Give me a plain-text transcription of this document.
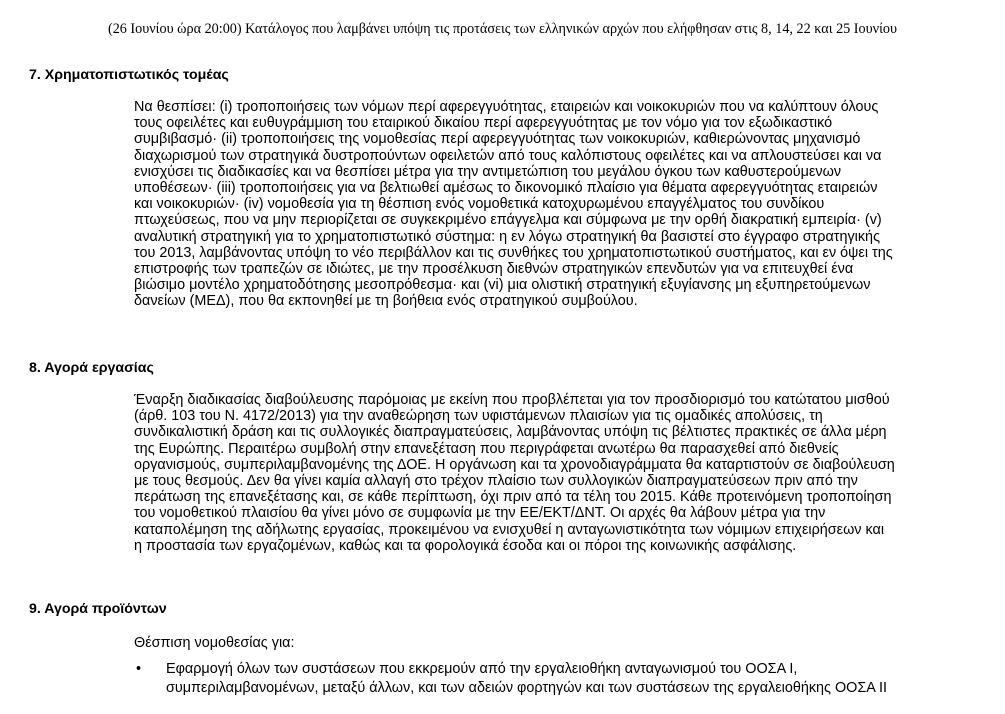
(26 Ιουνίου ώρα 20:00) Κατάλογος που λαμβάνει υπόψη τις προτάσεις των ελληνικών αρχών που ελήφθησαν στις 8, 14, 22 και 25 Ιουνίου
7. Χρηματοπιστωτικός τομέας
Να θεσπίσει: (i) τροποποιήσεις των νόμων περί αφερεγγυότητας, εταιρειών και νοικοκυριών που να καλύπτουν όλους
τους οφειλέτες και ευθυγράμμιση του εταιρικού δικαίου περί αφερεγγυότητας με τον νόμο για τον εξωδικαστικό
συμβιβασμό· (ii) τροποποιήσεις της νομοθεσίας περί αφερεγγυότητας των νοικοκυριών, καθιερώνοντας μηχανισμό
διαχωρισμού των στρατηγικά δυστροπούντων οφειλετών από τους καλόπιστους οφειλέτες και να απλουστεύσει και να
ενισχύσει τις διαδικασίες και να θεσπίσει μέτρα για την αντιμετώπιση του μεγάλου όγκου των καθυστερούμενων
υποθέσεων· (iii) τροποποιήσεις για να βελτιωθεί αμέσως το δικονομικό πλαίσιο για θέματα αφερεγγυότητας εταιρειών
και νοικοκυριών· (iv) νομοθεσία για τη θέσπιση ενός νομοθετικά κατοχυρωμένου επαγγέλματος του συνδίκου
πτωχεύσεως, που να μην περιορίζεται σε συγκεκριμένο επάγγελμα και σύμφωνα με την ορθή διακρατική εμπειρία· (v)
αναλυτική στρατηγική για το χρηματοπιστωτικό σύστημα: η εν λόγω στρατηγική θα βασιστεί στο έγγραφο στρατηγικής
του 2013, λαμβάνοντας υπόψη το νέο περιβάλλον και τις συνθήκες του χρηματοπιστωτικού συστήματος, και εν όψει της
επιστροφής των τραπεζών σε ιδιώτες, με την προσέλκυση διεθνών στρατηγικών επενδυτών για να επιτευχθεί ένα
βιώσιμο μοντέλο χρηματοδότησης μεσοπρόθεσμα· και (vi) μια ολιστική στρατηγική εξυγίανσης μη εξυπηρετούμενων
δανείων (ΜΕΔ), που θα εκπονηθεί με τη βοήθεια ενός στρατηγικού συμβούλου.
8. Αγορά εργασίας
Έναρξη διαδικασίας διαβούλευσης παρόμοιας με εκείνη που προβλέπεται για τον προσδιορισμό του κατώτατου μισθού
(άρθ. 103 του Ν. 4172/2013) για την αναθεώρηση των υφιστάμενων πλαισίων για τις ομαδικές απολύσεις, τη
συνδικαλιστική δράση και τις συλλογικές διαπραγματεύσεις, λαμβάνοντας υπόψη τις βέλτιστες πρακτικές σε άλλα μέρη
της Ευρώπης. Περαιτέρω συμβολή στην επανεξέταση που περιγράφεται ανωτέρω θα παρασχεθεί από διεθνείς
οργανισμούς, συμπεριλαμβανομένης της ΔΟΕ. Η οργάνωση και τα χρονοδιαγράμματα θα καταρτιστούν σε διαβούλευση
με τους θεσμούς. Δεν θα γίνει καμία αλλαγή στο τρέχον πλαίσιο των συλλογικών διαπραγματεύσεων πριν από την
περάτωση της επανεξέτασης και, σε κάθε περίπτωση, όχι πριν από τα τέλη του 2015. Κάθε προτεινόμενη τροποποίηση
του νομοθετικού πλαισίου θα γίνει μόνο σε συμφωνία με την ΕΕ/ΕΚΤ/ΔΝΤ. Οι αρχές θα λάβουν μέτρα για την
καταπολέμηση της αδήλωτης εργασίας, προκειμένου να ενισχυθεί η ανταγωνιστικότητα των νόμιμων επιχειρήσεων και
η προστασία των εργαζομένων, καθώς και τα φορολογικά έσοδα και οι πόροι της κοινωνικής ασφάλισης.
9. Αγορά προϊόντων
Θέσπιση νομοθεσίας για:
• Εφαρμογή όλων των συστάσεων που εκκρεμούν από την εργαλειοθήκη ανταγωνισμού του ΟΟΣΑ Ι,
συμπεριλαμβανομένων, μεταξύ άλλων, και των αδειών φορτηγών και των συστάσεων της εργαλειοθήκης ΟΟΣΑ ΙΙ
